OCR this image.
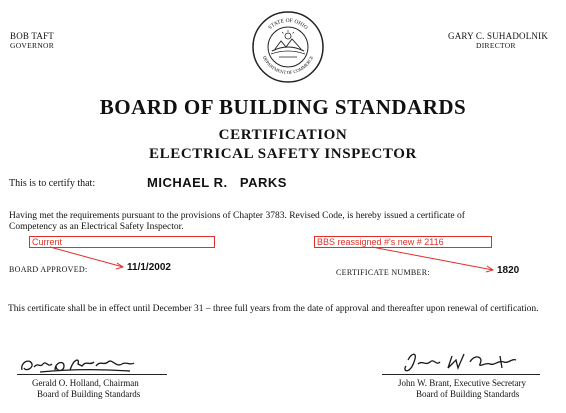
BOB TAFT
GOVERNOR
GARY C. SUHADOLNIK
DIRECTOR
STATE OF OHIO
DEPARTMENT OF COMMERCE
BOARD OF BUILDING STANDARDS
CERTIFICATION
ELECTRICAL SAFETY INSPECTOR
This is to certify that:	MICHAEL R.   PARKS
Having met the requirements pursuant to the provisions of Chapter 3783. Revised Code, is hereby issued a certificate of
Competency as an Electrical Safety Inspector.
Current	BBS reassigned #'s new # 2116
BOARD APPROVED:	11/1/2002	CERTIFICATE NUMBER:	1820
This certificate shall be in effect until December 31 – three full years from the date of approval and thereafter upon renewal of certification.
Gerald O. Holland, Chairman
Board of Building Standards
John W. Brant, Executive Secretary
Board of Building Standards
